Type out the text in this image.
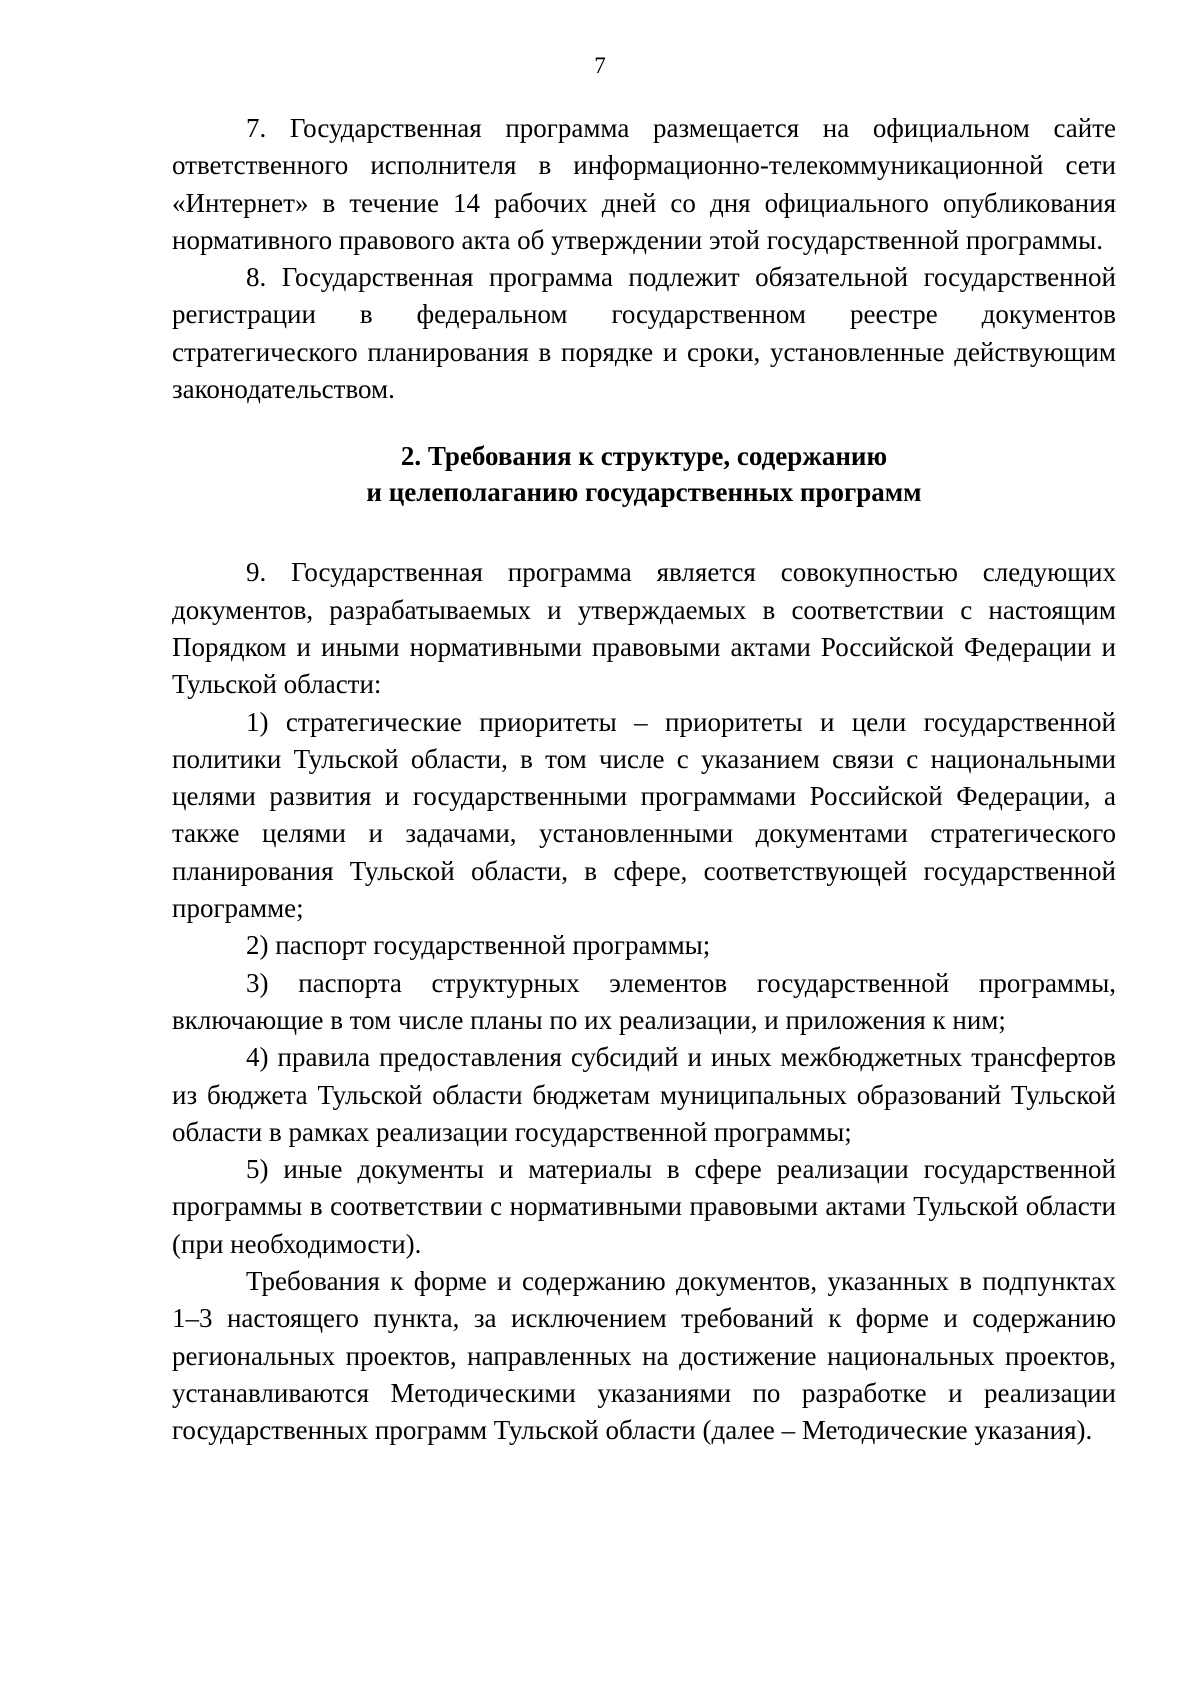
7

7. Государственная программа размещается на официальном сайте ответственного исполнителя в информационно-телекоммуникационной сети «Интернет» в течение 14 рабочих дней со дня официального опубликования нормативного правового акта об утверждении этой государственной программы.

8. Государственная программа подлежит обязательной государственной регистрации в федеральном государственном реестре документов стратегического планирования в порядке и сроки, установленные действующим законодательством.

2. Требования к структуре, содержанию
и целеполаганию государственных программ

9. Государственная программа является совокупностью следующих документов, разрабатываемых и утверждаемых в соответствии с настоящим Порядком и иными нормативными правовыми актами Российской Федерации и Тульской области:

1) стратегические приоритеты – приоритеты и цели государственной политики Тульской области, в том числе с указанием связи с национальными целями развития и государственными программами Российской Федерации, а также целями и задачами, установленными документами стратегического планирования Тульской области, в сфере, соответствующей государственной программе;

2) паспорт государственной программы;

3) паспорта структурных элементов государственной программы, включающие в том числе планы по их реализации, и приложения к ним;

4) правила предоставления субсидий и иных межбюджетных трансфертов из бюджета Тульской области бюджетам муниципальных образований Тульской области в рамках реализации государственной программы;

5) иные документы и материалы в сфере реализации государственной программы в соответствии с нормативными правовыми актами Тульской области (при необходимости).

Требования к форме и содержанию документов, указанных в подпунктах 1–3 настоящего пункта, за исключением требований к форме и содержанию региональных проектов, направленных на достижение национальных проектов, устанавливаются Методическими указаниями по разработке и реализации государственных программ Тульской области (далее – Методические указания).
